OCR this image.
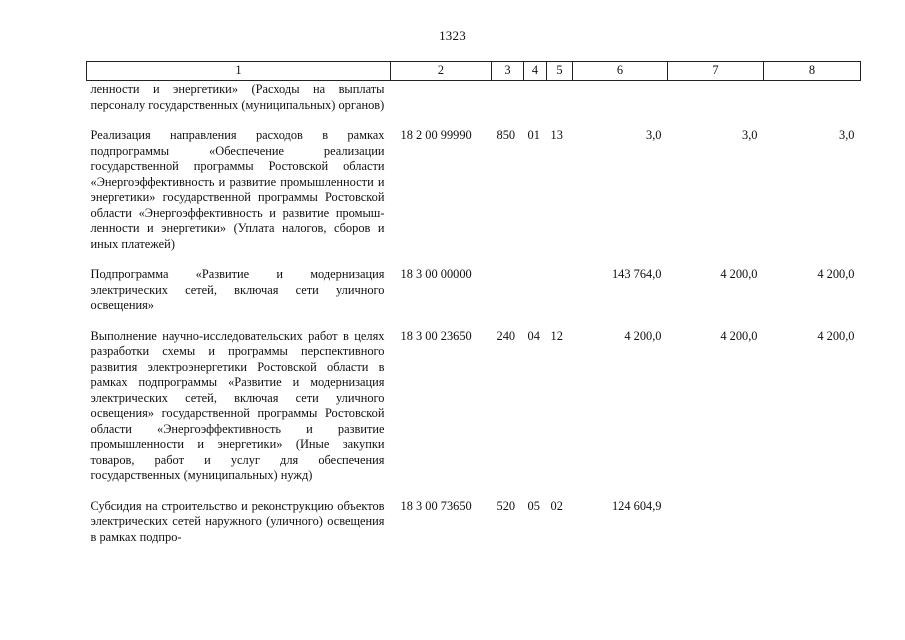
1323
1	2	3	4	5	6	7	8
ленности и энергетики» (Расходы на выплаты персоналу государственных (муниципальных) органов)							
Реализация направления расходов в рамках подпрограммы «Обеспечение реализации государственной программы Ростовской области «Энергоэффективность и развитие промышленности и энергетики» государственной программы Ростовской области «Энергоэффективность и развитие промышленности и энергетики» (Уплата налогов, сборов и иных платежей)	18 2 00 99990	850	01	13	3,0	3,0	3,0
Подпрограмма «Развитие и модернизация электрических сетей, включая сети уличного освещения»	18 3 00 00000				143 764,0	4 200,0	4 200,0
Выполнение научно-исследовательских работ в целях разработки схемы и программы перспективного развития электроэнергетики Ростовской области в рамках подпрограммы «Развитие и модернизация электрических сетей, включая сети уличного освещения» государственной программы Ростовской области «Энергоэффективность и развитие промышленности и энергетики» (Иные закупки товаров, работ и услуг для обеспечения государственных (муниципальных) нужд)	18 3 00 23650	240	04	12	4 200,0	4 200,0	4 200,0
Субсидия на строительство и реконструкцию объектов электрических сетей наружного (уличного) освещения в рамках подпро-	18 3 00 73650	520	05	02	124 604,9		
